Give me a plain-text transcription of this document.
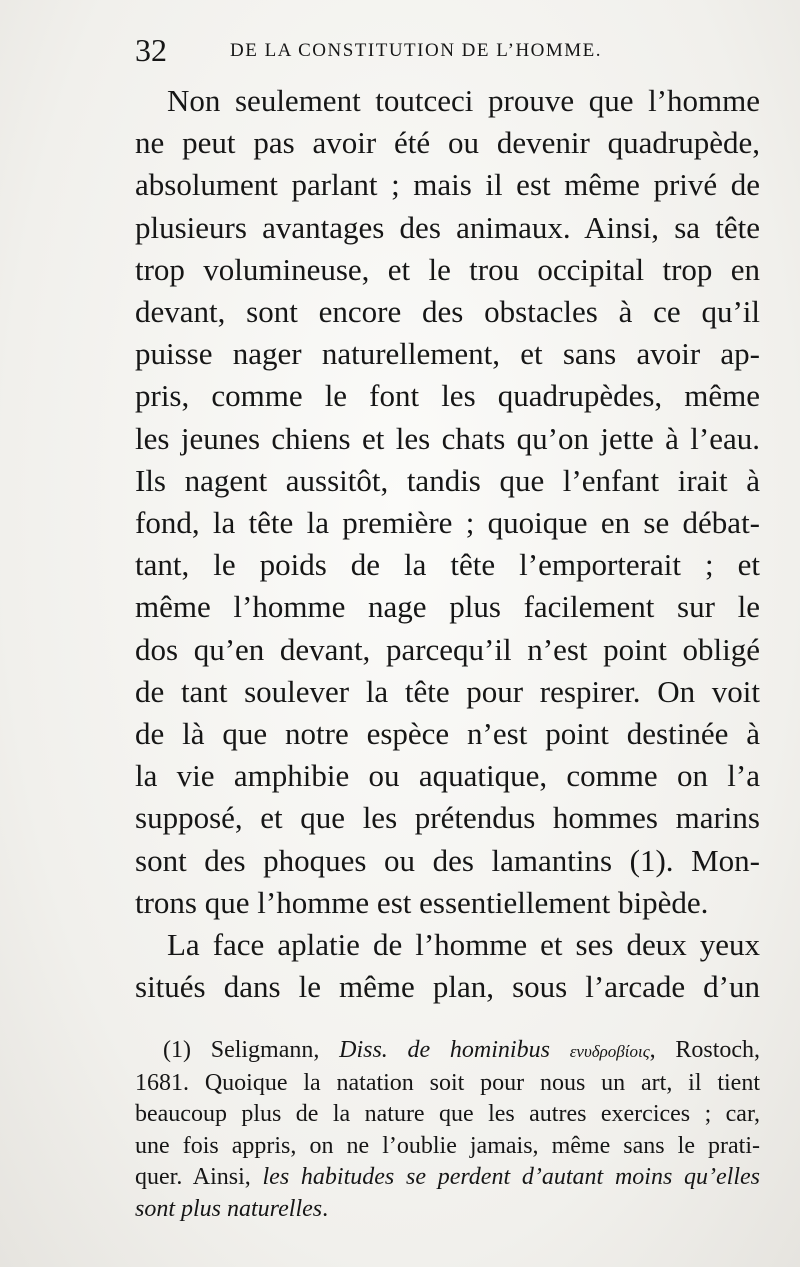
32	DE LA CONSTITUTION DE L’HOMME.
Non seulement toutceci prouve que l’homme
ne peut pas avoir été ou devenir quadrupède,
absolument parlant ; mais il est même privé de
plusieurs avantages des animaux. Ainsi, sa tête
trop volumineuse, et le trou occipital trop en
devant, sont encore des obstacles à ce qu’il
puisse nager naturellement, et sans avoir ap-
pris, comme le font les quadrupèdes, même
les jeunes chiens et les chats qu’on jette à l’eau.
Ils nagent aussitôt, tandis que l’enfant irait à
fond, la tête la première ; quoique en se débat-
tant, le poids de la tête l’emporterait ; et
même l’homme nage plus facilement sur le
dos qu’en devant, parcequ’il n’est point obligé
de tant soulever la tête pour respirer. On voit
de là que notre espèce n’est point destinée à
la vie amphibie ou aquatique, comme on l’a
supposé, et que les prétendus hommes marins
sont des phoques ou des lamantins (1). Mon-
trons que l’homme est essentiellement bipède.
La face aplatie de l’homme et ses deux yeux
situés dans le même plan, sous l’arcade d’un
(1) Seligmann, Diss. de hominibus ενυδροβίοις, Rostoch,
1681. Quoique la natation soit pour nous un art, il tient
beaucoup plus de la nature que les autres exercices ; car,
une fois appris, on ne l’oublie jamais, même sans le prati-
quer. Ainsi, les habitudes se perdent d’autant moins qu’elles
sont plus naturelles.
